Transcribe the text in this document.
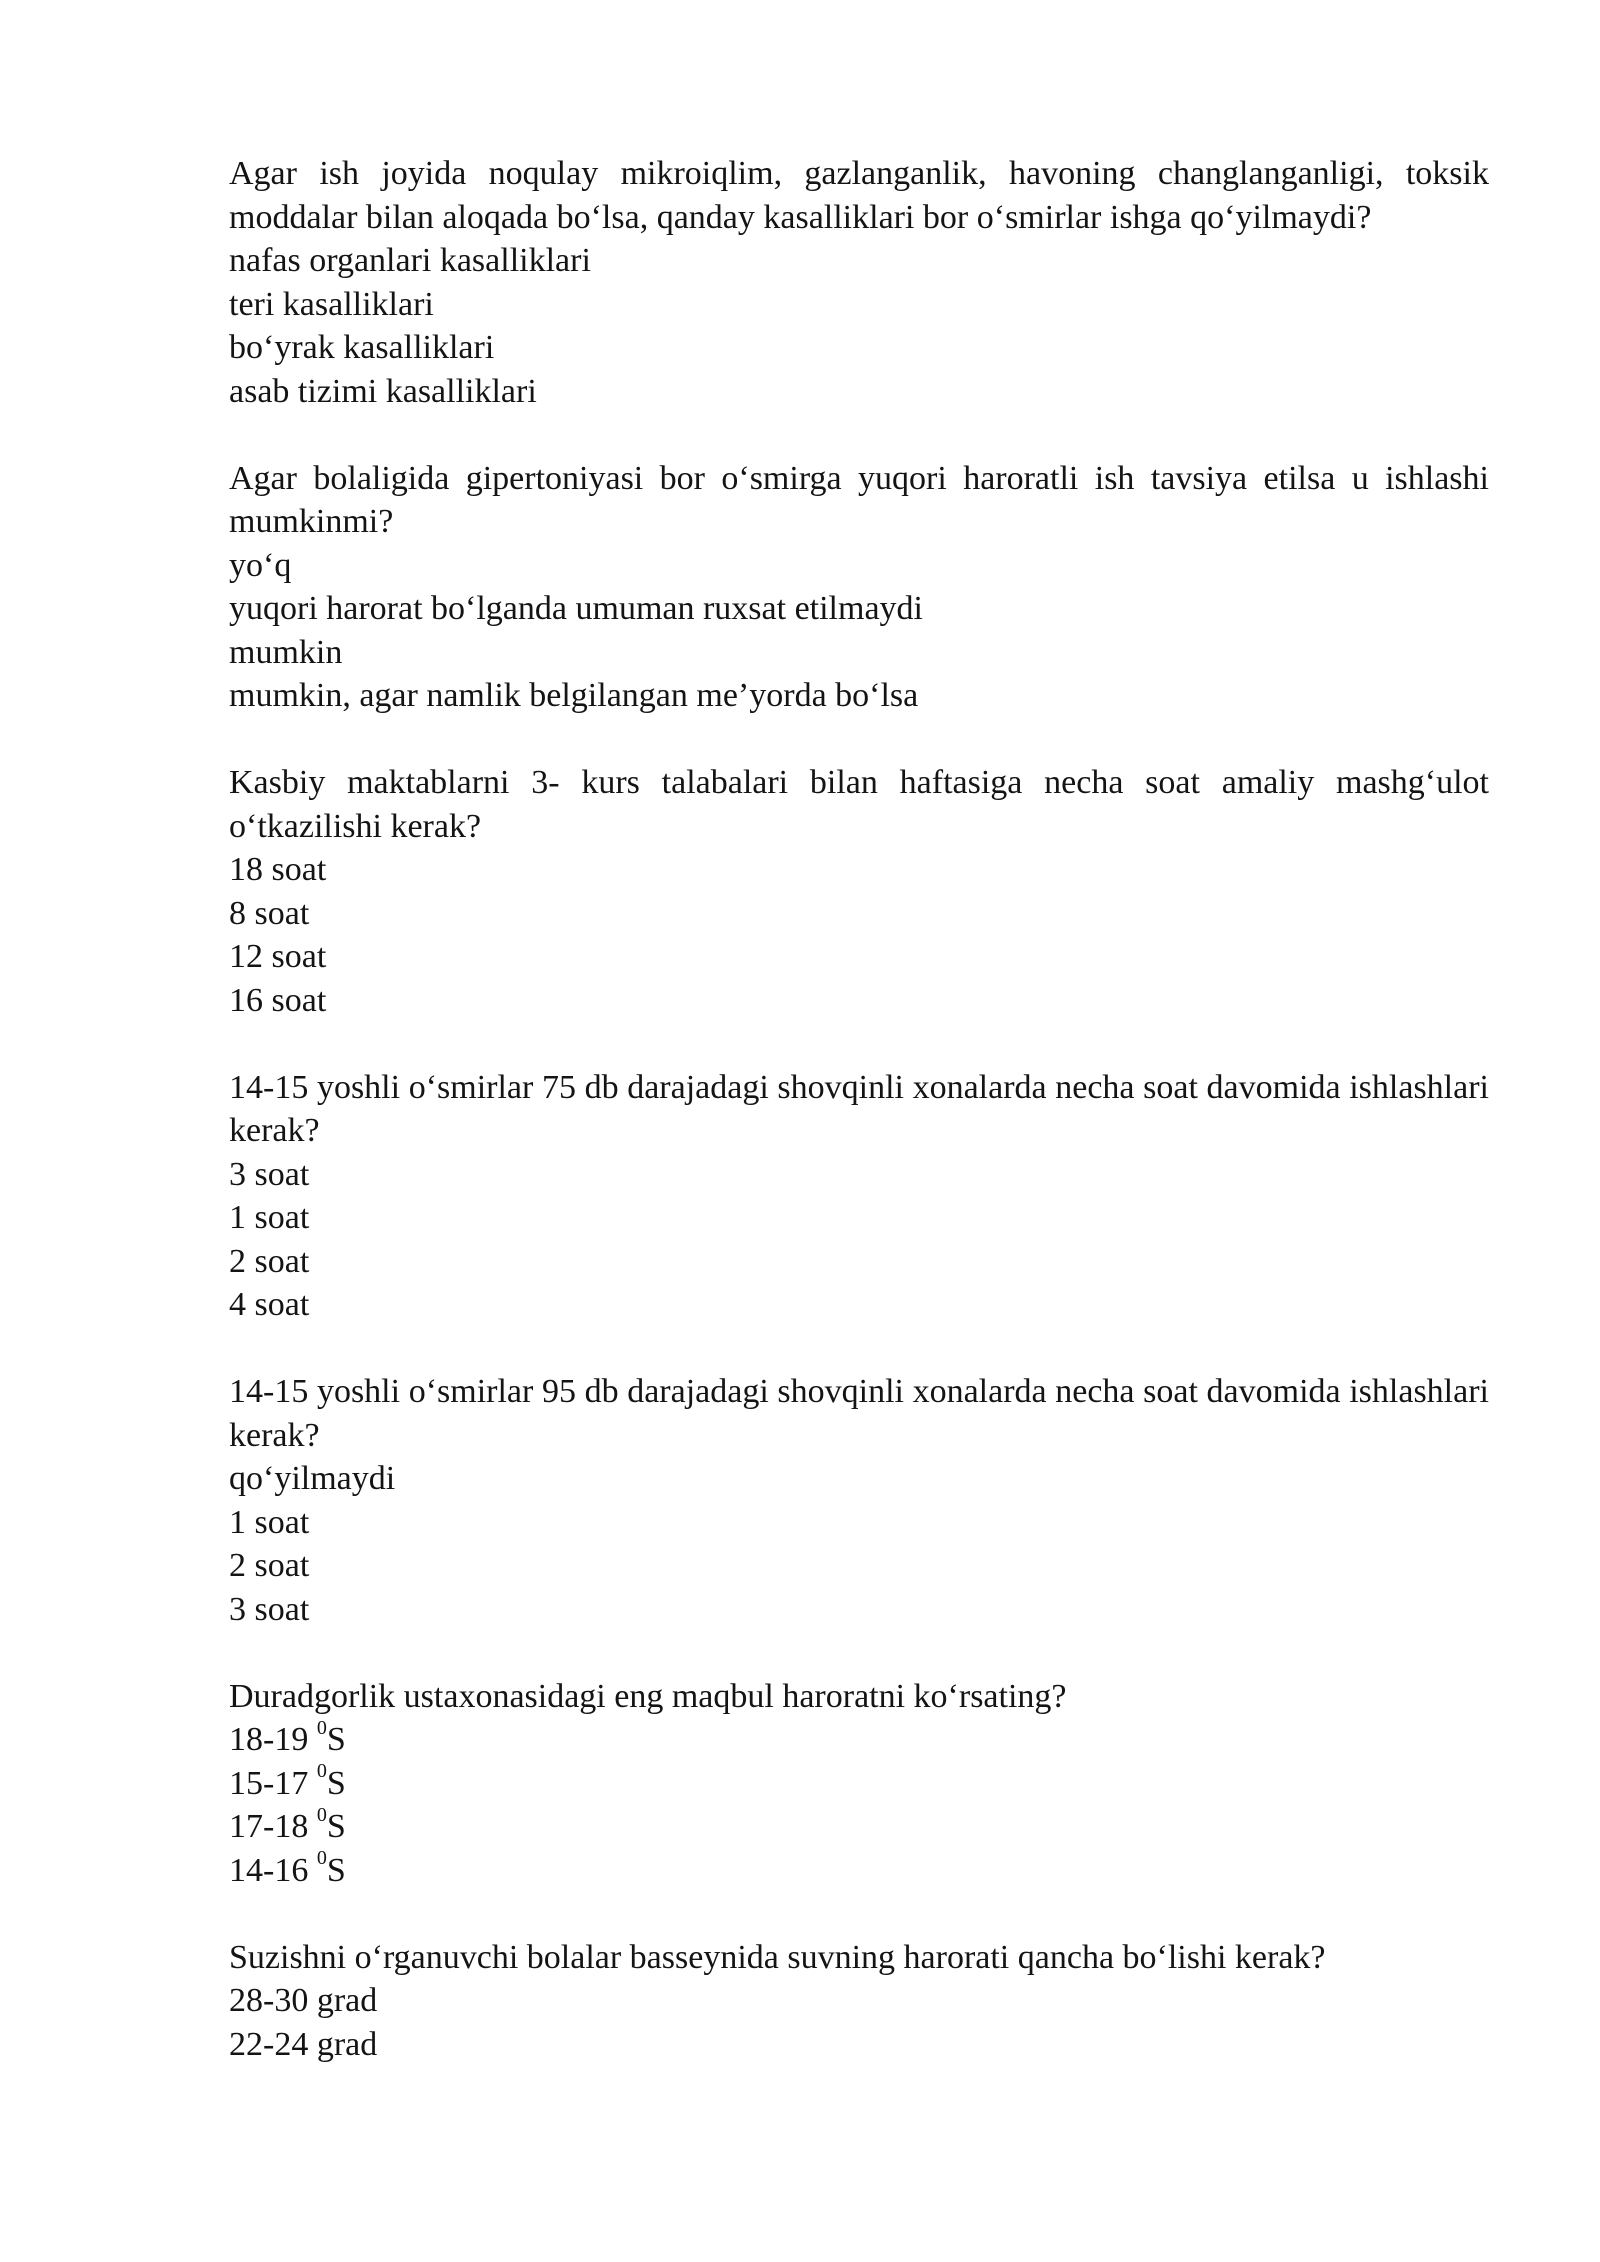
Agar ish joyida noqulay mikroiqlim, gazlanganlik, havoning changlanganligi, toksik moddalar bilan aloqada bo‘lsa, qanday kasalliklari bor o‘smirlar ishga qo‘yilmaydi?
nafas organlari kasalliklari
teri kasalliklari
bo‘yrak kasalliklari
asab tizimi kasalliklari
Agar bolaligida gipertoniyasi bor o‘smirga yuqori haroratli ish tavsiya etilsa u ishlashi mumkinmi?
yo‘q
yuqori harorat bo‘lganda umuman ruxsat etilmaydi
mumkin
mumkin, agar namlik belgilangan me’yorda bo‘lsa
Kasbiy maktablarni 3- kurs talabalari bilan haftasiga necha soat amaliy mashg‘ulot o‘tkazilishi kerak?
18 soat
8 soat
12 soat
16 soat
14-15 yoshli o‘smirlar 75 db darajadagi shovqinli xonalarda necha soat davomida ishlashlari kerak?
3 soat
1 soat
2 soat
4 soat
14-15 yoshli o‘smirlar 95 db darajadagi shovqinli xonalarda necha soat davomida ishlashlari kerak?
qo‘yilmaydi
1 soat
2 soat
3 soat
Duradgorlik ustaxonasidagi eng maqbul haroratni ko‘rsating?
18-19 $^0$S
15-17 $^0$S
17-18 $^0$S
14-16 $^0$S
Suzishni o‘rganuvchi bolalar basseynida suvning harorati qancha bo‘lishi kerak?
28-30 grad
22-24 grad
